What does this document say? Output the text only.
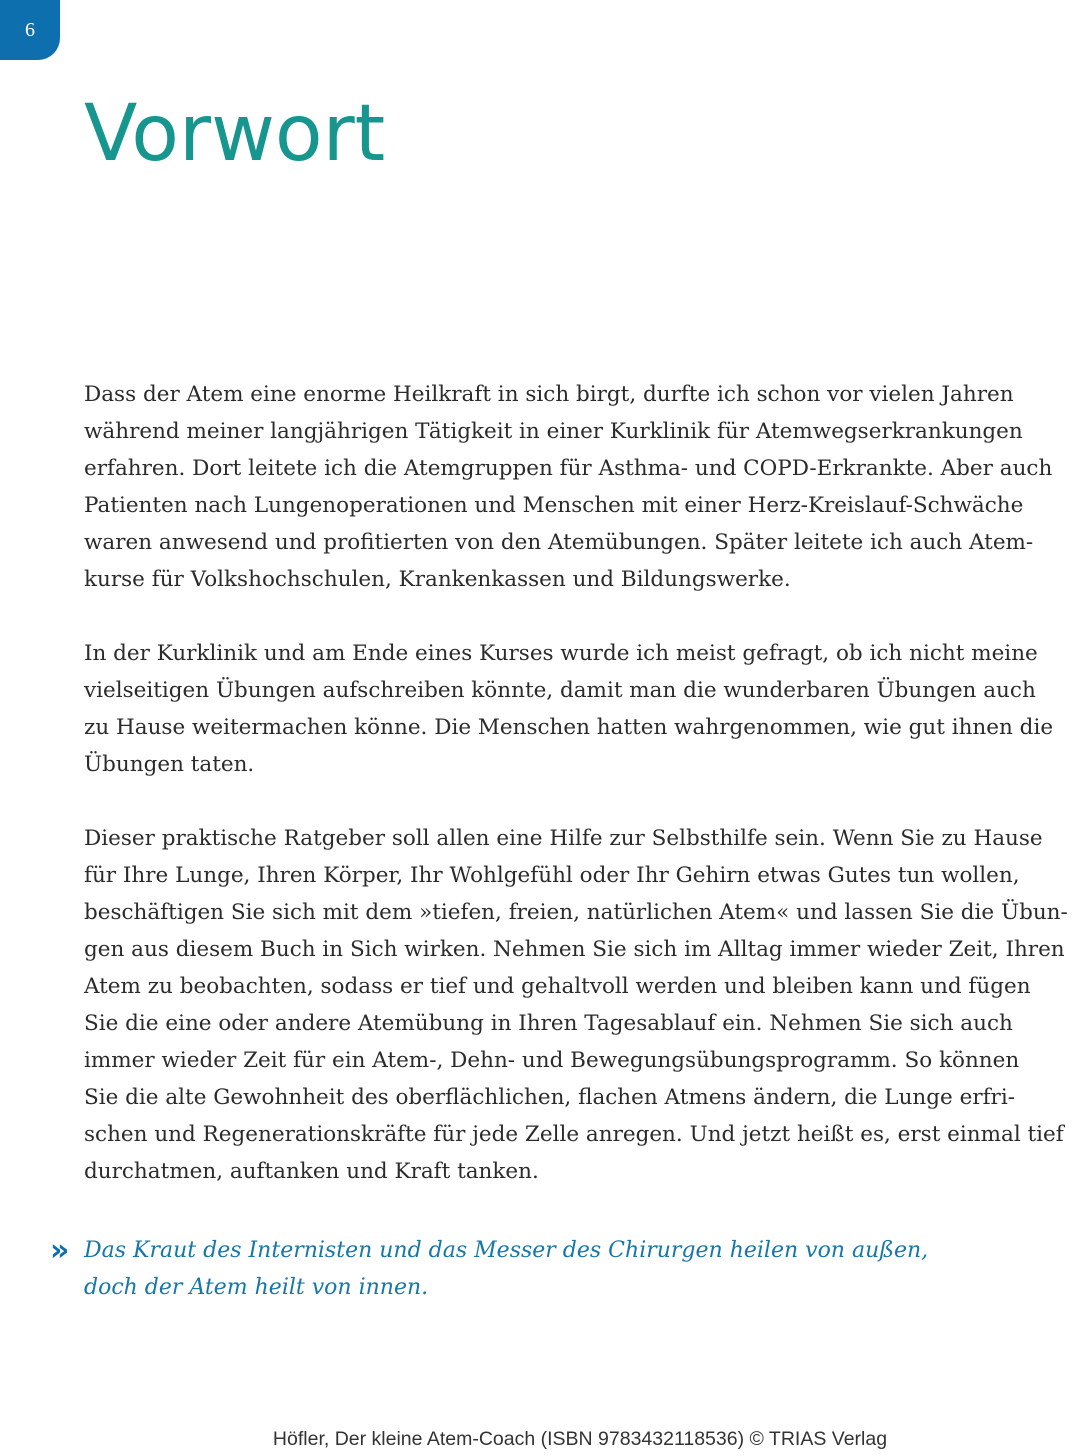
6
Vorwort

Dass der Atem eine enorme Heilkraft in sich birgt, durfte ich schon vor vielen Jahren
während meiner langjährigen Tätigkeit in einer Kurklinik für Atemwegserkrankungen
erfahren. Dort leitete ich die Atemgruppen für Asthma- und COPD-Erkrankte. Aber auch
Patienten nach Lungenoperationen und Menschen mit einer Herz-Kreislauf-Schwäche
waren anwesend und profitierten von den Atemübungen. Später leitete ich auch Atem-
kurse für Volkshochschulen, Krankenkassen und Bildungswerke.

In der Kurklinik und am Ende eines Kurses wurde ich meist gefragt, ob ich nicht meine
vielseitigen Übungen aufschreiben könnte, damit man die wunderbaren Übungen auch
zu Hause weitermachen könne. Die Menschen hatten wahrgenommen, wie gut ihnen die
Übungen taten.

Dieser praktische Ratgeber soll allen eine Hilfe zur Selbsthilfe sein. Wenn Sie zu Hause
für Ihre Lunge, Ihren Körper, Ihr Wohlgefühl oder Ihr Gehirn etwas Gutes tun wollen,
beschäftigen Sie sich mit dem »tiefen, freien, natürlichen Atem« und lassen Sie die Übun-
gen aus diesem Buch in Sich wirken. Nehmen Sie sich im Alltag immer wieder Zeit, Ihren
Atem zu beobachten, sodass er tief und gehaltvoll werden und bleiben kann und fügen
Sie die eine oder andere Atemübung in Ihren Tagesablauf ein. Nehmen Sie sich auch
immer wieder Zeit für ein Atem-, Dehn- und Bewegungsübungsprogramm. So können
Sie die alte Gewohnheit des oberflächlichen, flachen Atmens ändern, die Lunge erfri-
schen und Regenerationskräfte für jede Zelle anregen. Und jetzt heißt es, erst einmal tief
durchatmen, auftanken und Kraft tanken.

» Das Kraut des Internisten und das Messer des Chirurgen heilen von außen,
doch der Atem heilt von innen.

Höfler, Der kleine Atem-Coach (ISBN 9783432118536) © TRIAS Verlag
